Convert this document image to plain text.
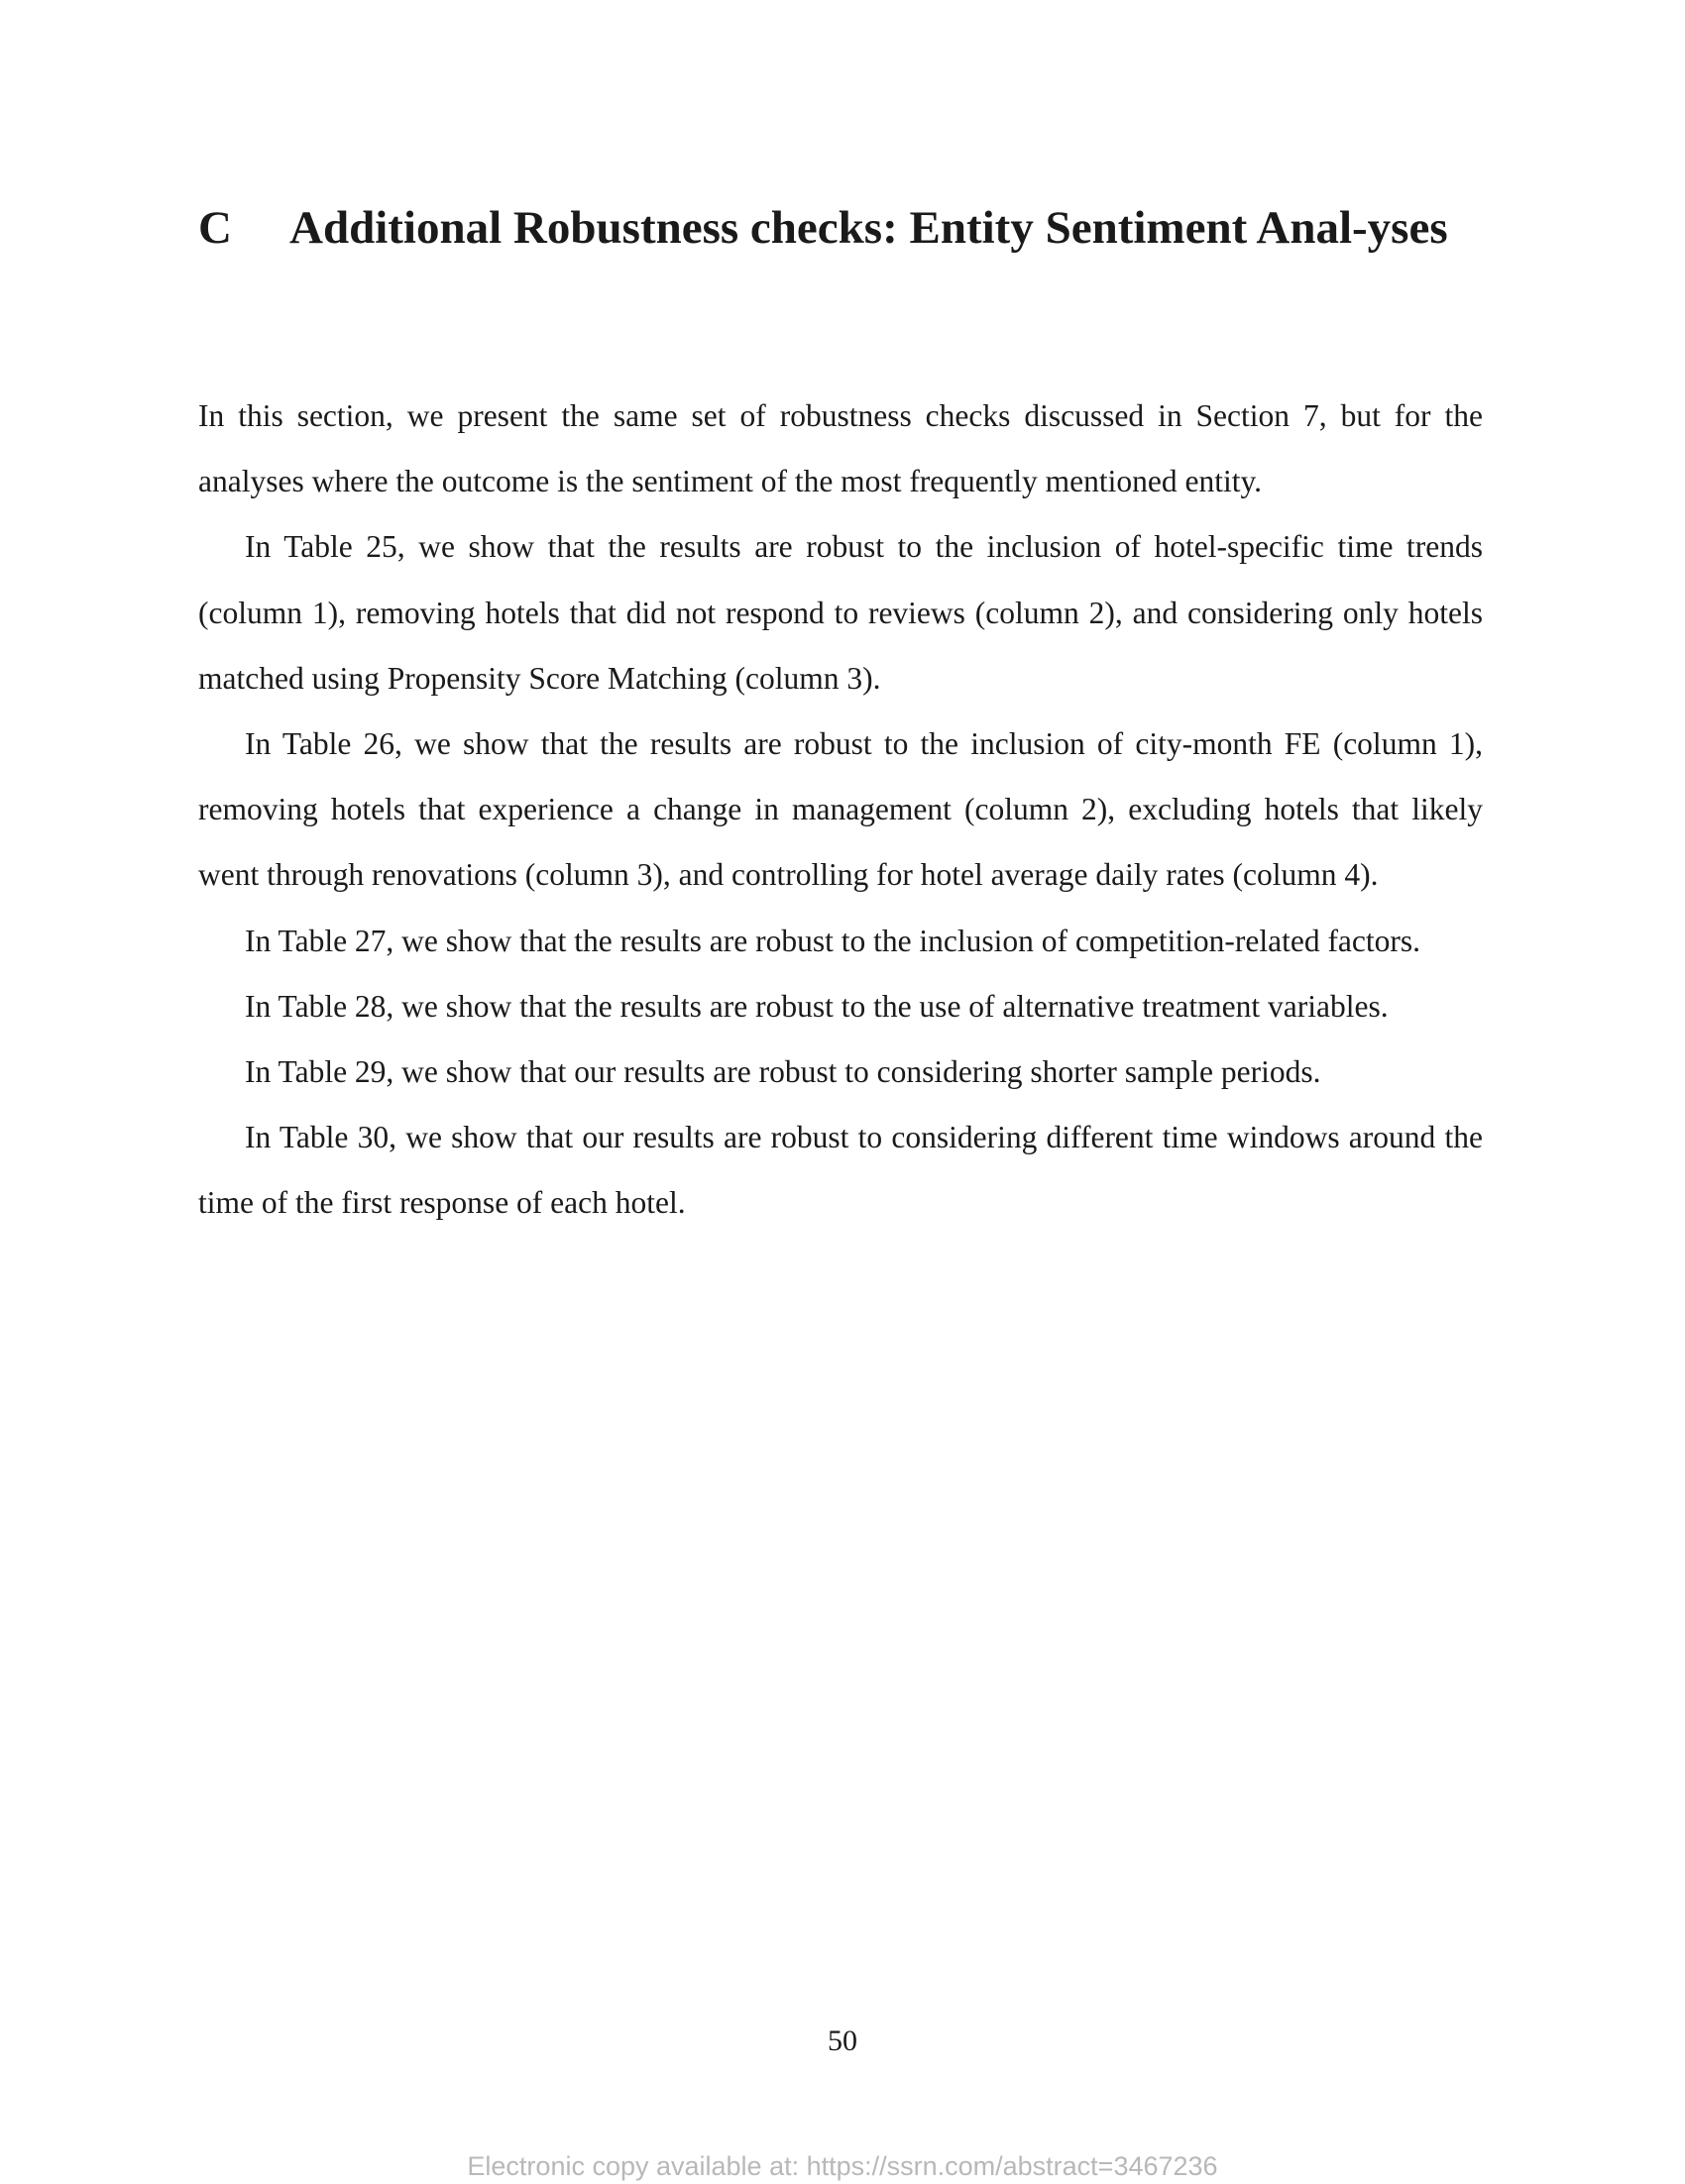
C Additional Robustness checks: Entity Sentiment Anal-yses

In this section, we present the same set of robustness checks discussed in Section 7, but for the analyses where the outcome is the sentiment of the most frequently mentioned entity.

In Table 25, we show that the results are robust to the inclusion of hotel-specific time trends (column 1), removing hotels that did not respond to reviews (column 2), and considering only hotels matched using Propensity Score Matching (column 3).

In Table 26, we show that the results are robust to the inclusion of city-month FE (column 1), removing hotels that experience a change in management (column 2), excluding hotels that likely went through renovations (column 3), and controlling for hotel average daily rates (column 4).

In Table 27, we show that the results are robust to the inclusion of competition-related factors.

In Table 28, we show that the results are robust to the use of alternative treatment variables.

In Table 29, we show that our results are robust to considering shorter sample periods.

In Table 30, we show that our results are robust to considering different time windows around the time of the first response of each hotel.

50
Electronic copy available at: https://ssrn.com/abstract=3467236
